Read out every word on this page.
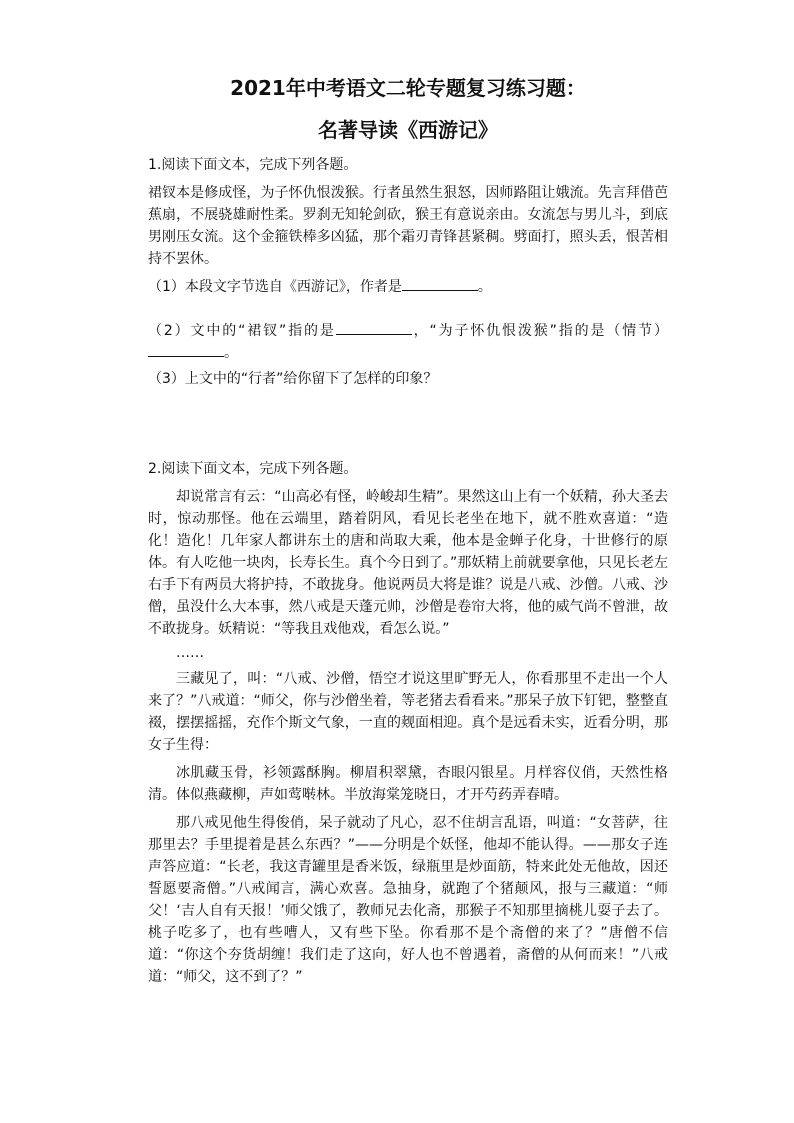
2021年中考语文二轮专题复习练习题：
名著导读《西游记》

1.阅读下面文本，完成下列各题。

裙钗本是修成怪，为子怀仇恨泼猴。行者虽然生狠怒，因师路阻让娥流。先言拜借芭蕉扇，不展骁雄耐性柔。罗刹无知轮剑砍，猴王有意说亲由。女流怎与男儿斗，到底男刚压女流。这个金箍铁棒多凶猛，那个霜刃青锋甚紧稠。劈面打，照头丢，恨苦相持不罢休。

（1）本段文字节选自《西游记》，作者是	。

（2）文中的“裙钗”指的是	，“为子怀仇恨泼猴”指的是（情节）。

（3）上文中的“行者”给你留下了怎样的印象？

2.阅读下面文本，完成下列各题。

却说常言有云：“山高必有怪，岭峻却生精”。果然这山上有一个妖精，孙大圣去时，惊动那怪。他在云端里，踏着阴风，看见长老坐在地下，就不胜欢喜道：“造化！造化！几年家人都讲东土的唐和尚取大乘，他本是金蝉子化身，十世修行的原体。有人吃他一块肉，长寿长生。真个今日到了。”那妖精上前就要拿他，只见长老左右手下有两员大将护持，不敢拢身。他说两员大将是谁？说是八戒、沙僧。八戒、沙僧，虽没什么大本事，然八戒是天蓬元帅，沙僧是卷帘大将，他的威气尚不曾泄，故不敢拢身。妖精说：“等我且戏他戏，看怎么说。”

……

三藏见了，叫：“八戒、沙僧，悟空才说这里旷野无人，你看那里不走出一个人来了？”八戒道：“师父，你与沙僧坐着，等老猪去看看来。”那呆子放下钉钯，整整直裰，摆摆摇摇，充作个斯文气象，一直的觌面相迎。真个是远看未实，近看分明，那女子生得：

冰肌藏玉骨，衫领露酥胸。柳眉积翠黛，杏眼闪银星。月样容仪俏，天然性格清。体似燕藏柳，声如莺啭林。半放海棠笼晓日，才开芍药弄春晴。

那八戒见他生得俊俏，呆子就动了凡心，忍不住胡言乱语，叫道：“女菩萨，往那里去？手里提着是甚么东西？”——分明是个妖怪，他却不能认得。——那女子连声答应道：“长老，我这青罐里是香米饭，绿瓶里是炒面筋，特来此处无他故，因还誓愿要斋僧。”八戒闻言，满心欢喜。急抽身，就跑了个猪颠风，报与三藏道：“师父！‘吉人自有天报！’师父饿了，教师兄去化斋，那猴子不知那里摘桃儿耍子去了。桃子吃多了，也有些嘈人，又有些下坠。你看那不是个斋僧的来了？”唐僧不信道：“你这个夯货胡缠！我们走了这向，好人也不曾遇着，斋僧的从何而来！”八戒道：“师父，这不到了？”
